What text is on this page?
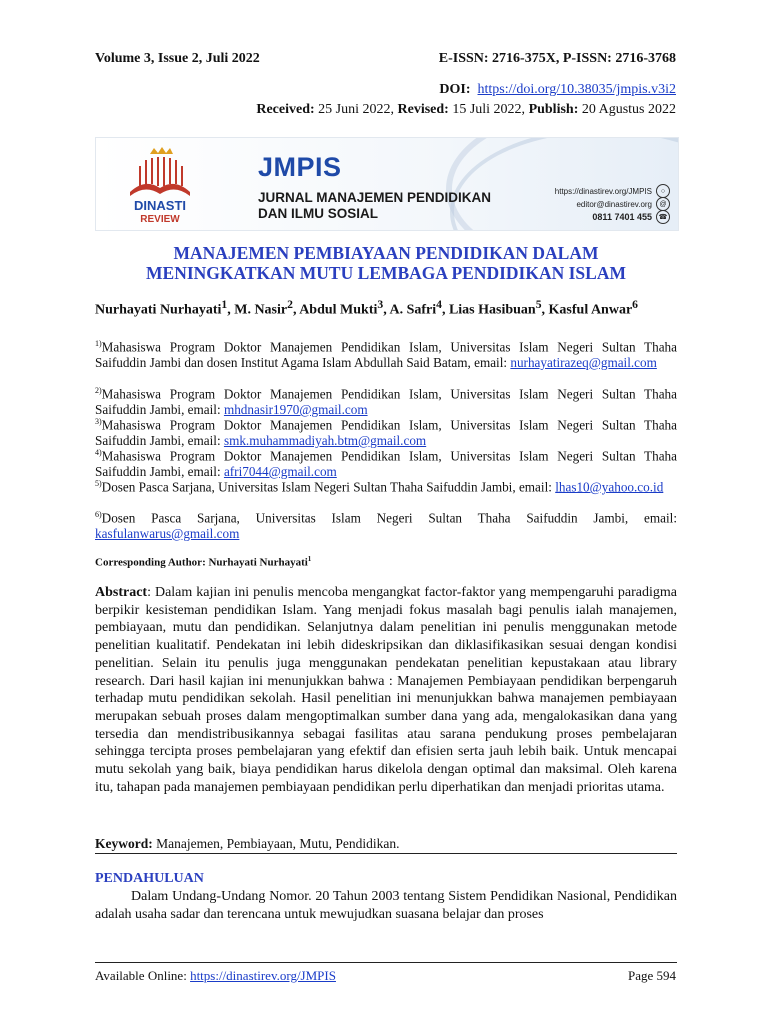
Volume 3, Issue 2, Juli 2022	E-ISSN: 2716-375X, P-ISSN: 2716-3768
DOI: https://doi.org/10.38035/jmpis.v3i2
Received: 25 Juni 2022, Revised: 15 Juli 2022, Publish: 20 Agustus 2022
DINASTI
REVIEW
JMPIS
JURNAL MANAJEMEN PENDIDIKAN
DAN ILMU SOSIAL
https://dinastirev.org/JMPIS	○
editor@dinastirev.org	@
0811 7401 455 ☎
MANAJEMEN PEMBIAYAAN PENDIDIKAN DALAM
MENINGKATKAN MUTU LEMBAGA PENDIDIKAN ISLAM
Nurhayati Nurhayati$^1$, M. Nasir$^2$, Abdul Mukti$^3$, A. Safri$^4$, Lias Hasibuan$^5$, Kasful Anwar$^6$
$^{1)}$Mahasiswa Program Doktor Manajemen Pendidikan Islam, Universitas Islam Negeri Sultan Thaha Saifuddin Jambi dan dosen Institut Agama Islam Abdullah Said Batam, email: nurhayatirazeq@gmail.com
$^{2)}$Mahasiswa Program Doktor Manajemen Pendidikan Islam, Universitas Islam Negeri Sultan Thaha Saifuddin Jambi, email: mhdnasir1970@gmail.com
$^{3)}$Mahasiswa Program Doktor Manajemen Pendidikan Islam, Universitas Islam Negeri Sultan Thaha Saifuddin Jambi, email: smk.muhammadiyah.btm@gmail.com
$^{4)}$Mahasiswa Program Doktor Manajemen Pendidikan Islam, Universitas Islam Negeri Sultan Thaha Saifuddin Jambi, email: afri7044@gmail.com
$^{5)}$Dosen Pasca Sarjana, Universitas Islam Negeri Sultan Thaha Saifuddin Jambi, email: lhas10@yahoo.co.id
$^{6)}$Dosen Pasca Sarjana, Universitas Islam Negeri Sultan Thaha Saifuddin Jambi, email: kasfulanwarus@gmail.com
Corresponding Author: Nurhayati Nurhayati$^1$
Abstract: Dalam kajian ini penulis mencoba mengangkat factor-faktor yang mempengaruhi paradigma berpikir kesisteman pendidikan Islam. Yang menjadi fokus masalah bagi penulis ialah manajemen, pembiayaan, mutu dan pendidikan. Selanjutnya dalam penelitian ini penulis menggunakan metode penelitian kualitatif. Pendekatan ini lebih dideskripsikan dan diklasifikasikan sesuai dengan kondisi penelitian. Selain itu penulis juga menggunakan pendekatan penelitian kepustakaan atau library research. Dari hasil kajian ini menunjukkan bahwa : Manajemen Pembiayaan pendidikan berpengaruh terhadap mutu pendidikan sekolah. Hasil penelitian ini menunjukkan bahwa manajemen pembiayaan merupakan sebuah proses dalam mengoptimalkan sumber dana yang ada, mengalokasikan dana yang tersedia dan mendistribusikannya sebagai fasilitas atau sarana pendukung proses pembelajaran sehingga tercipta proses pembelajaran yang efektif dan efisien serta jauh lebih baik. Untuk mencapai mutu sekolah yang baik, biaya pendidikan harus dikelola dengan optimal dan maksimal. Oleh karena itu, tahapan pada manajemen pembiayaan pendidikan perlu diperhatikan dan menjadi prioritas utama.
Keyword: Manajemen, Pembiayaan, Mutu, Pendidikan.
PENDAHULUAN
Dalam Undang-Undang Nomor. 20 Tahun 2003 tentang Sistem Pendidikan Nasional, Pendidikan adalah usaha sadar dan terencana untuk mewujudkan suasana belajar dan proses
Available Online: https://dinastirev.org/JMPIS	Page 594
